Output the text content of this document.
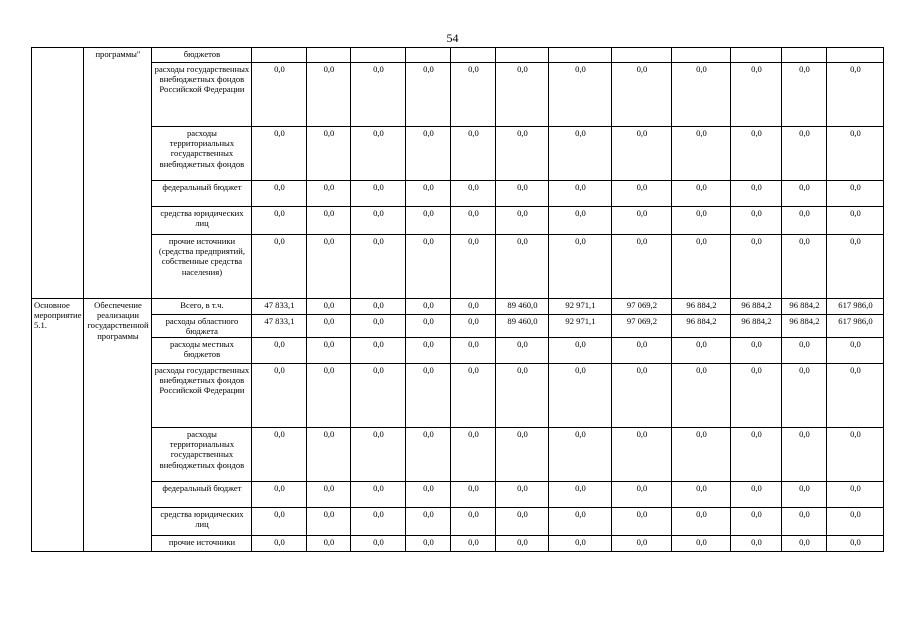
54
	программы"	бюджетов												
		расходы государственных внебюджетных фондов Российской Федерации	0,0	0,0	0,0	0,0	0,0	0,0	0,0	0,0	0,0	0,0	0,0	0,0
		расходы территориальных государственных внебюджетных фондов	0,0	0,0	0,0	0,0	0,0	0,0	0,0	0,0	0,0	0,0	0,0	0,0
		федеральный бюджет	0,0	0,0	0,0	0,0	0,0	0,0	0,0	0,0	0,0	0,0	0,0	0,0
		средства юридических лиц	0,0	0,0	0,0	0,0	0,0	0,0	0,0	0,0	0,0	0,0	0,0	0,0
		прочие источники (средства предприятий, собственные средства населения)	0,0	0,0	0,0	0,0	0,0	0,0	0,0	0,0	0,0	0,0	0,0	0,0
Основное мероприятие 5.1.	Обеспечение реализации государственной программы	Всего, в т.ч.	47 833,1	0,0	0,0	0,0	0,0	89 460,0	92 971,1	97 069,2	96 884,2	96 884,2	96 884,2	617 986,0
		расходы областного бюджета	47 833,1	0,0	0,0	0,0	0,0	89 460,0	92 971,1	97 069,2	96 884,2	96 884,2	96 884,2	617 986,0
		расходы местных бюджетов	0,0	0,0	0,0	0,0	0,0	0,0	0,0	0,0	0,0	0,0	0,0	0,0
		расходы государственных внебюджетных фондов Российской Федерации	0,0	0,0	0,0	0,0	0,0	0,0	0,0	0,0	0,0	0,0	0,0	0,0
		расходы территориальных государственных внебюджетных фондов	0,0	0,0	0,0	0,0	0,0	0,0	0,0	0,0	0,0	0,0	0,0	0,0
		федеральный бюджет	0,0	0,0	0,0	0,0	0,0	0,0	0,0	0,0	0,0	0,0	0,0	0,0
		средства юридических лиц	0,0	0,0	0,0	0,0	0,0	0,0	0,0	0,0	0,0	0,0	0,0	0,0
		прочие источники	0,0	0,0	0,0	0,0	0,0	0,0	0,0	0,0	0,0	0,0	0,0	0,0
